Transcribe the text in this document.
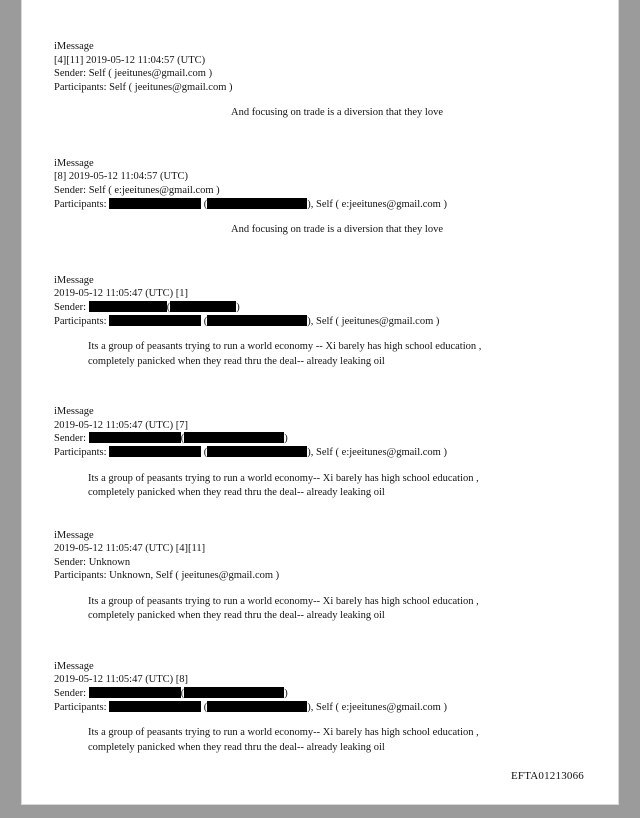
iMessage
[4][11] 2019-05-12 11:04:57 (UTC)
Sender: Self ( jeeitunes@gmail.com )
Participants: Self ( jeeitunes@gmail.com )
And focusing on trade is a diversion that they love
iMessage
[8] 2019-05-12 11:04:57 (UTC)
Sender: Self ( e:jeeitunes@gmail.com )
Participants:	(	), Self ( e:jeeitunes@gmail.com )
And focusing on trade is a diversion that they love
iMessage
2019-05-12 11:05:47 (UTC) [1]
Sender:	(	)
Participants:	(	), Self ( jeeitunes@gmail.com )
Its a group of peasants trying to run a world economy -- Xi barely has high school education , completely panicked when they read thru the deal-- already leaking oil
iMessage
2019-05-12 11:05:47 (UTC) [7]
Sender:	(	)
Participants:	(	), Self ( e:jeeitunes@gmail.com )
Its a group of peasants trying to run a world economy-- Xi barely has high school education , completely panicked when they read thru the deal-- already leaking oil
iMessage
2019-05-12 11:05:47 (UTC) [4][11]
Sender: Unknown
Participants: Unknown, Self ( jeeitunes@gmail.com )
Its a group of peasants trying to run a world economy-- Xi barely has high school education , completely panicked when they read thru the deal-- already leaking oil
iMessage
2019-05-12 11:05:47 (UTC) [8]
Sender:	(	)
Participants:	(	), Self ( e:jeeitunes@gmail.com )
Its a group of peasants trying to run a world economy-- Xi barely has high school education , completely panicked when they read thru the deal-- already leaking oil
EFTA01213066
